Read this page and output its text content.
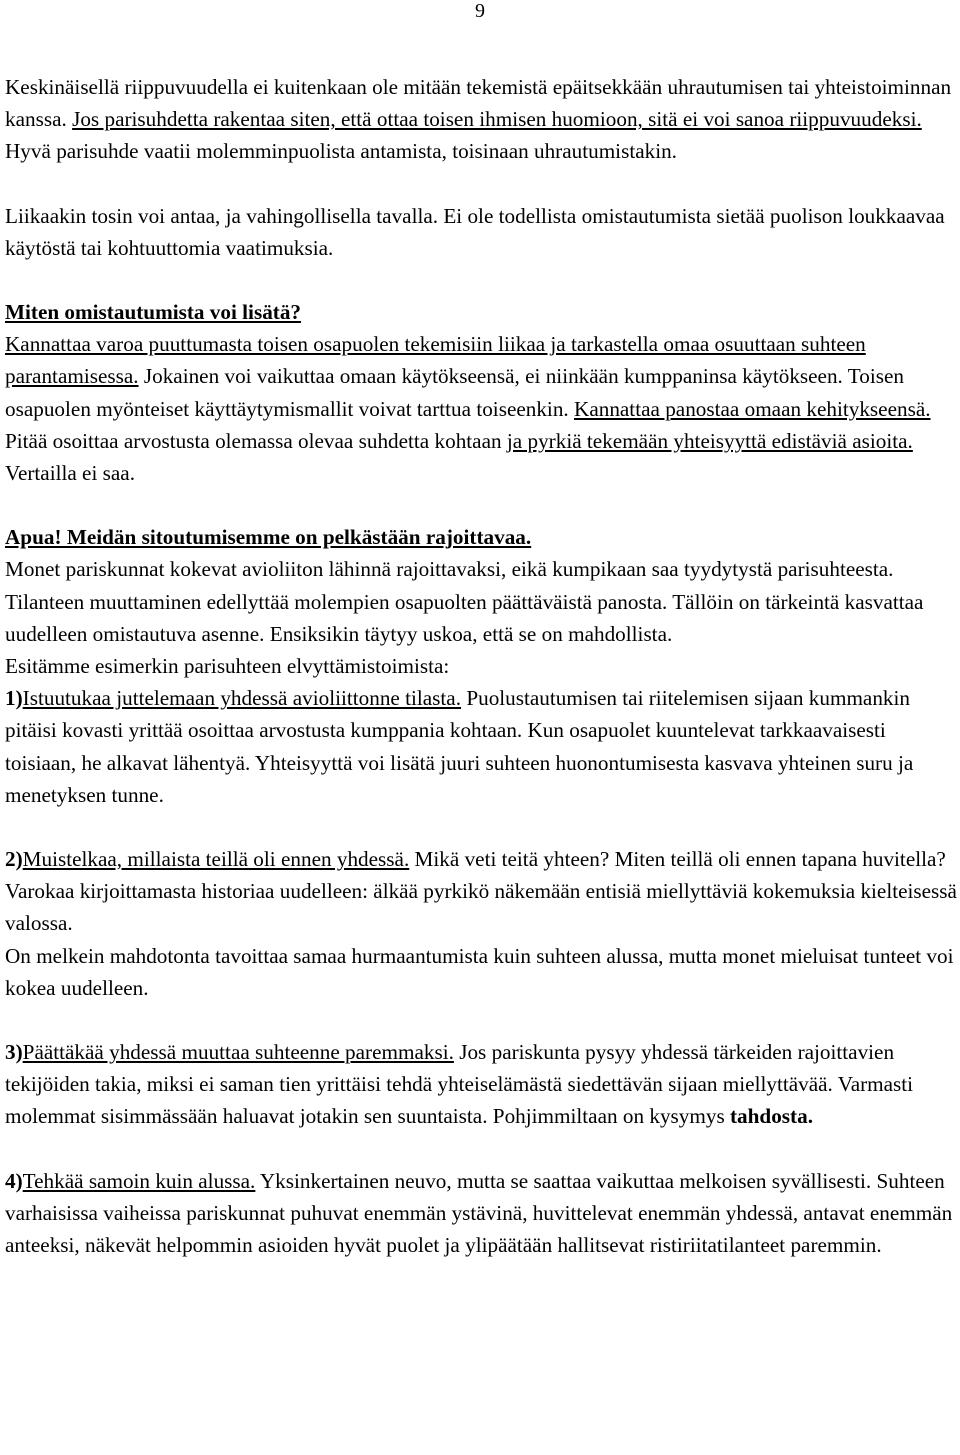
9

Keskinäisellä riippuvuudella ei kuitenkaan ole mitään tekemistä epäitsekkään uhrautumisen tai yhteistoiminnan kanssa. Jos parisuhdetta rakentaa siten, että ottaa toisen ihmisen huomioon, sitä ei voi sanoa riippuvuudeksi. Hyvä parisuhde vaatii molemminpuolista antamista, toisinaan uhrautumistakin.

Liikaakin tosin voi antaa, ja vahingollisella tavalla. Ei ole todellista omistautumista sietää puolison loukkaavaa käytöstä tai kohtuuttomia vaatimuksia.

Miten omistautumista voi lisätä?
Kannattaa varoa puuttumasta toisen osapuolen tekemisiin liikaa ja tarkastella omaa osuuttaan suhteen parantamisessa. Jokainen voi vaikuttaa omaan käytökseensä, ei niinkään kumppaninsa käytökseen. Toisen osapuolen myönteiset käyttäytymismallit voivat tarttua toiseenkin. Kannattaa panostaa omaan kehitykseensä.
Pitää osoittaa arvostusta olemassa olevaa suhdetta kohtaan ja pyrkiä tekemään yhteisyyttä edistäviä asioita. Vertailla ei saa.

Apua! Meidän sitoutumisemme on pelkästään rajoittavaa.
Monet pariskunnat kokevat avioliiton lähinnä rajoittavaksi, eikä kumpikaan saa tyydytystä parisuhteesta. Tilanteen muuttaminen edellyttää molempien osapuolten päättäväistä panosta. Tällöin on tärkeintä kasvattaa uudelleen omistautuva asenne. Ensiksikin täytyy uskoa, että se on mahdollista.
Esitämme esimerkin parisuhteen elvyttämistoimista:
1)Istuutukaa juttelemaan yhdessä avioliittonne tilasta. Puolustautumisen tai riitelemisen sijaan kummankin pitäisi kovasti yrittää osoittaa arvostusta kumppania kohtaan. Kun osapuolet kuuntelevat tarkkaavaisesti toisiaan, he alkavat lähentyä. Yhteisyyttä voi lisätä juuri suhteen huonontumisesta kasvava yhteinen suru ja menetyksen tunne.

2)Muistelkaa, millaista teillä oli ennen yhdessä. Mikä veti teitä yhteen? Miten teillä oli ennen tapana huvitella? Varokaa kirjoittamasta historiaa uudelleen: älkää pyrkikö näkemään entisiä miellyttäviä kokemuksia kielteisessä valossa.
On melkein mahdotonta tavoittaa samaa hurmaantumista kuin suhteen alussa, mutta monet mieluisat tunteet voi kokea uudelleen.

3)Päättäkää yhdessä muuttaa suhteenne paremmaksi. Jos pariskunta pysyy yhdessä tärkeiden rajoittavien tekijöiden takia, miksi ei saman tien yrittäisi tehdä yhteiselämästä siedettävän sijaan miellyttävää. Varmasti molemmat sisimmässään haluavat jotakin sen suuntaista. Pohjimmiltaan on kysymys tahdosta.

4)Tehkää samoin kuin alussa. Yksinkertainen neuvo, mutta se saattaa vaikuttaa melkoisen syvällisesti. Suhteen varhaisissa vaiheissa pariskunnat puhuvat enemmän ystävinä, huvittelevat enemmän yhdessä, antavat enemmän anteeksi, näkevät helpommin asioiden hyvät puolet ja ylipäätään hallitsevat ristiriitatilanteet paremmin.
